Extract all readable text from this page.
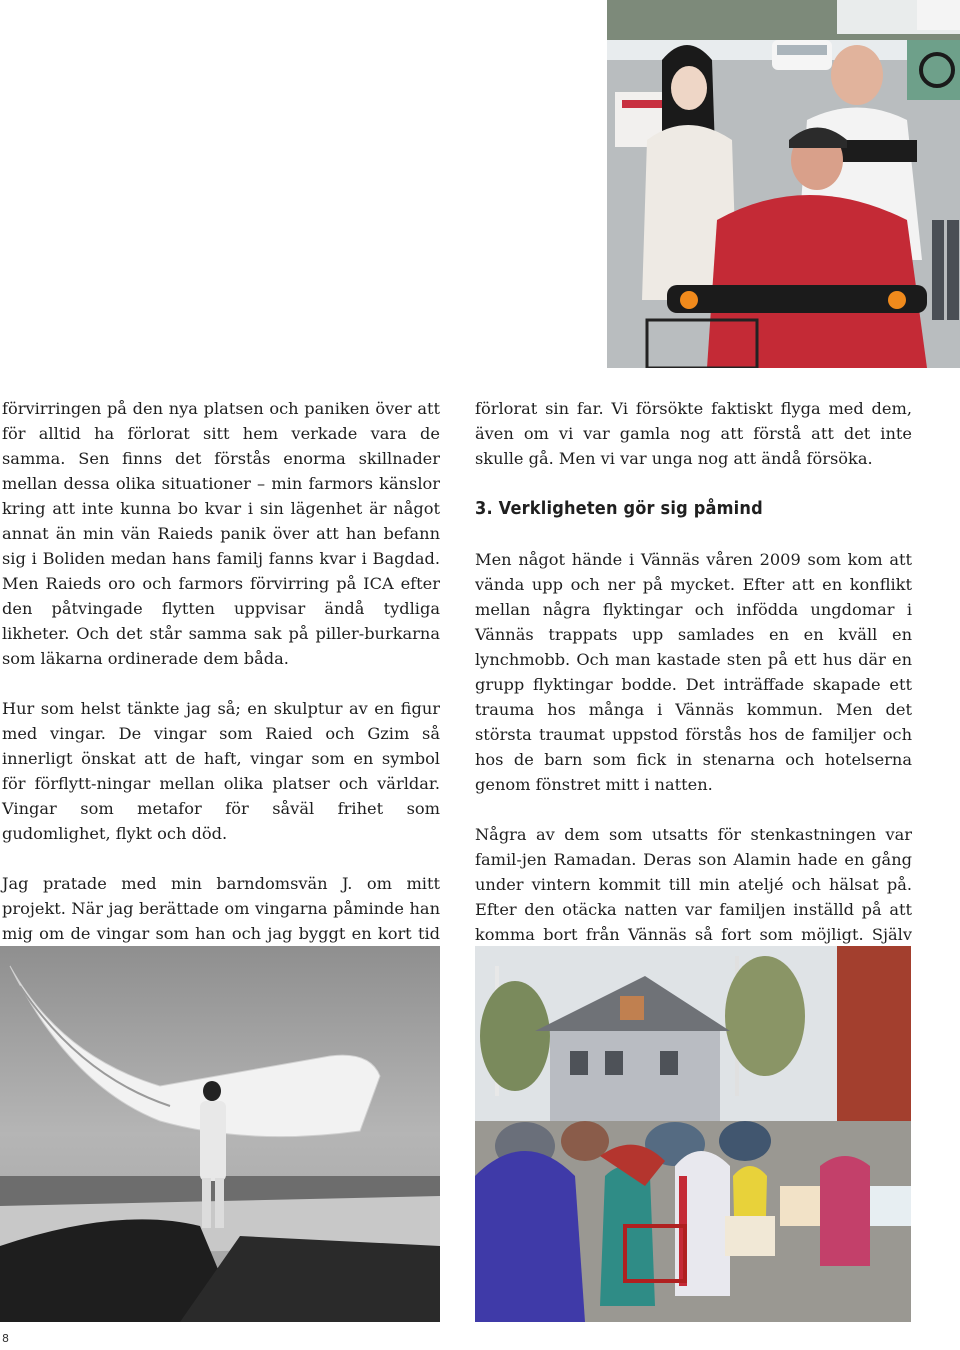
förvirringen på den nya platsen och paniken över att för alltid ha förlorat sitt hem verkade vara de samma. Sen finns det förstås enorma skillnader mellan dessa olika situationer – min farmors känslor kring att inte kunna bo kvar i sin lägenhet är något annat än min vän Raieds panik över att han befann sig i Boliden medan hans familj fanns kvar i Bagdad. Men Raieds oro och farmors förvirring på ICA efter den påtvingade flytten uppvisar ändå tydliga likheter. Och det står samma sak på piller-burkarna som läkarna ordinerade dem båda.

Hur som helst tänkte jag så; en skulptur av en figur med vingar. De vingar som Raied och Gzim så innerligt önskat att de haft, vingar som en symbol för förflytt-ningar mellan olika platser och världar. Vingar som metafor för såväl frihet som gudomlighet, flykt och död.

Jag pratade med min barndomsvän J. om mitt projekt. När jag berättade om vingarna påminde han mig om de vingar som han och jag byggt en kort tid

förlorat sin far. Vi försökte faktiskt flyga med dem, även om vi var gamla nog att förstå att det inte skulle gå. Men vi var unga nog att ändå försöka.

3. Verkligheten gör sig påmind

Men något hände i Vännäs våren 2009 som kom att vända upp och ner på mycket. Efter att en konflikt mellan några flyktingar och infödda ungdomar i Vännäs trappats upp samlades en en kväll en lynchmobb. Och man kastade sten på ett hus där en grupp flyktingar bodde. Det inträffade skapade ett trauma hos många i Vännäs kommun. Men det största traumat uppstod förstås hos de familjer och hos de barn som fick in stenarna och hotelserna genom fönstret mitt i natten.

Några av dem som utsatts för stenkastningen var famil-jen Ramadan. Deras son Alamin hade en gång under vintern kommit till min ateljé och hälsat på. Efter den otäcka natten var familjen inställd på att komma bort från Vännäs så fort som möjligt. Själv

8
